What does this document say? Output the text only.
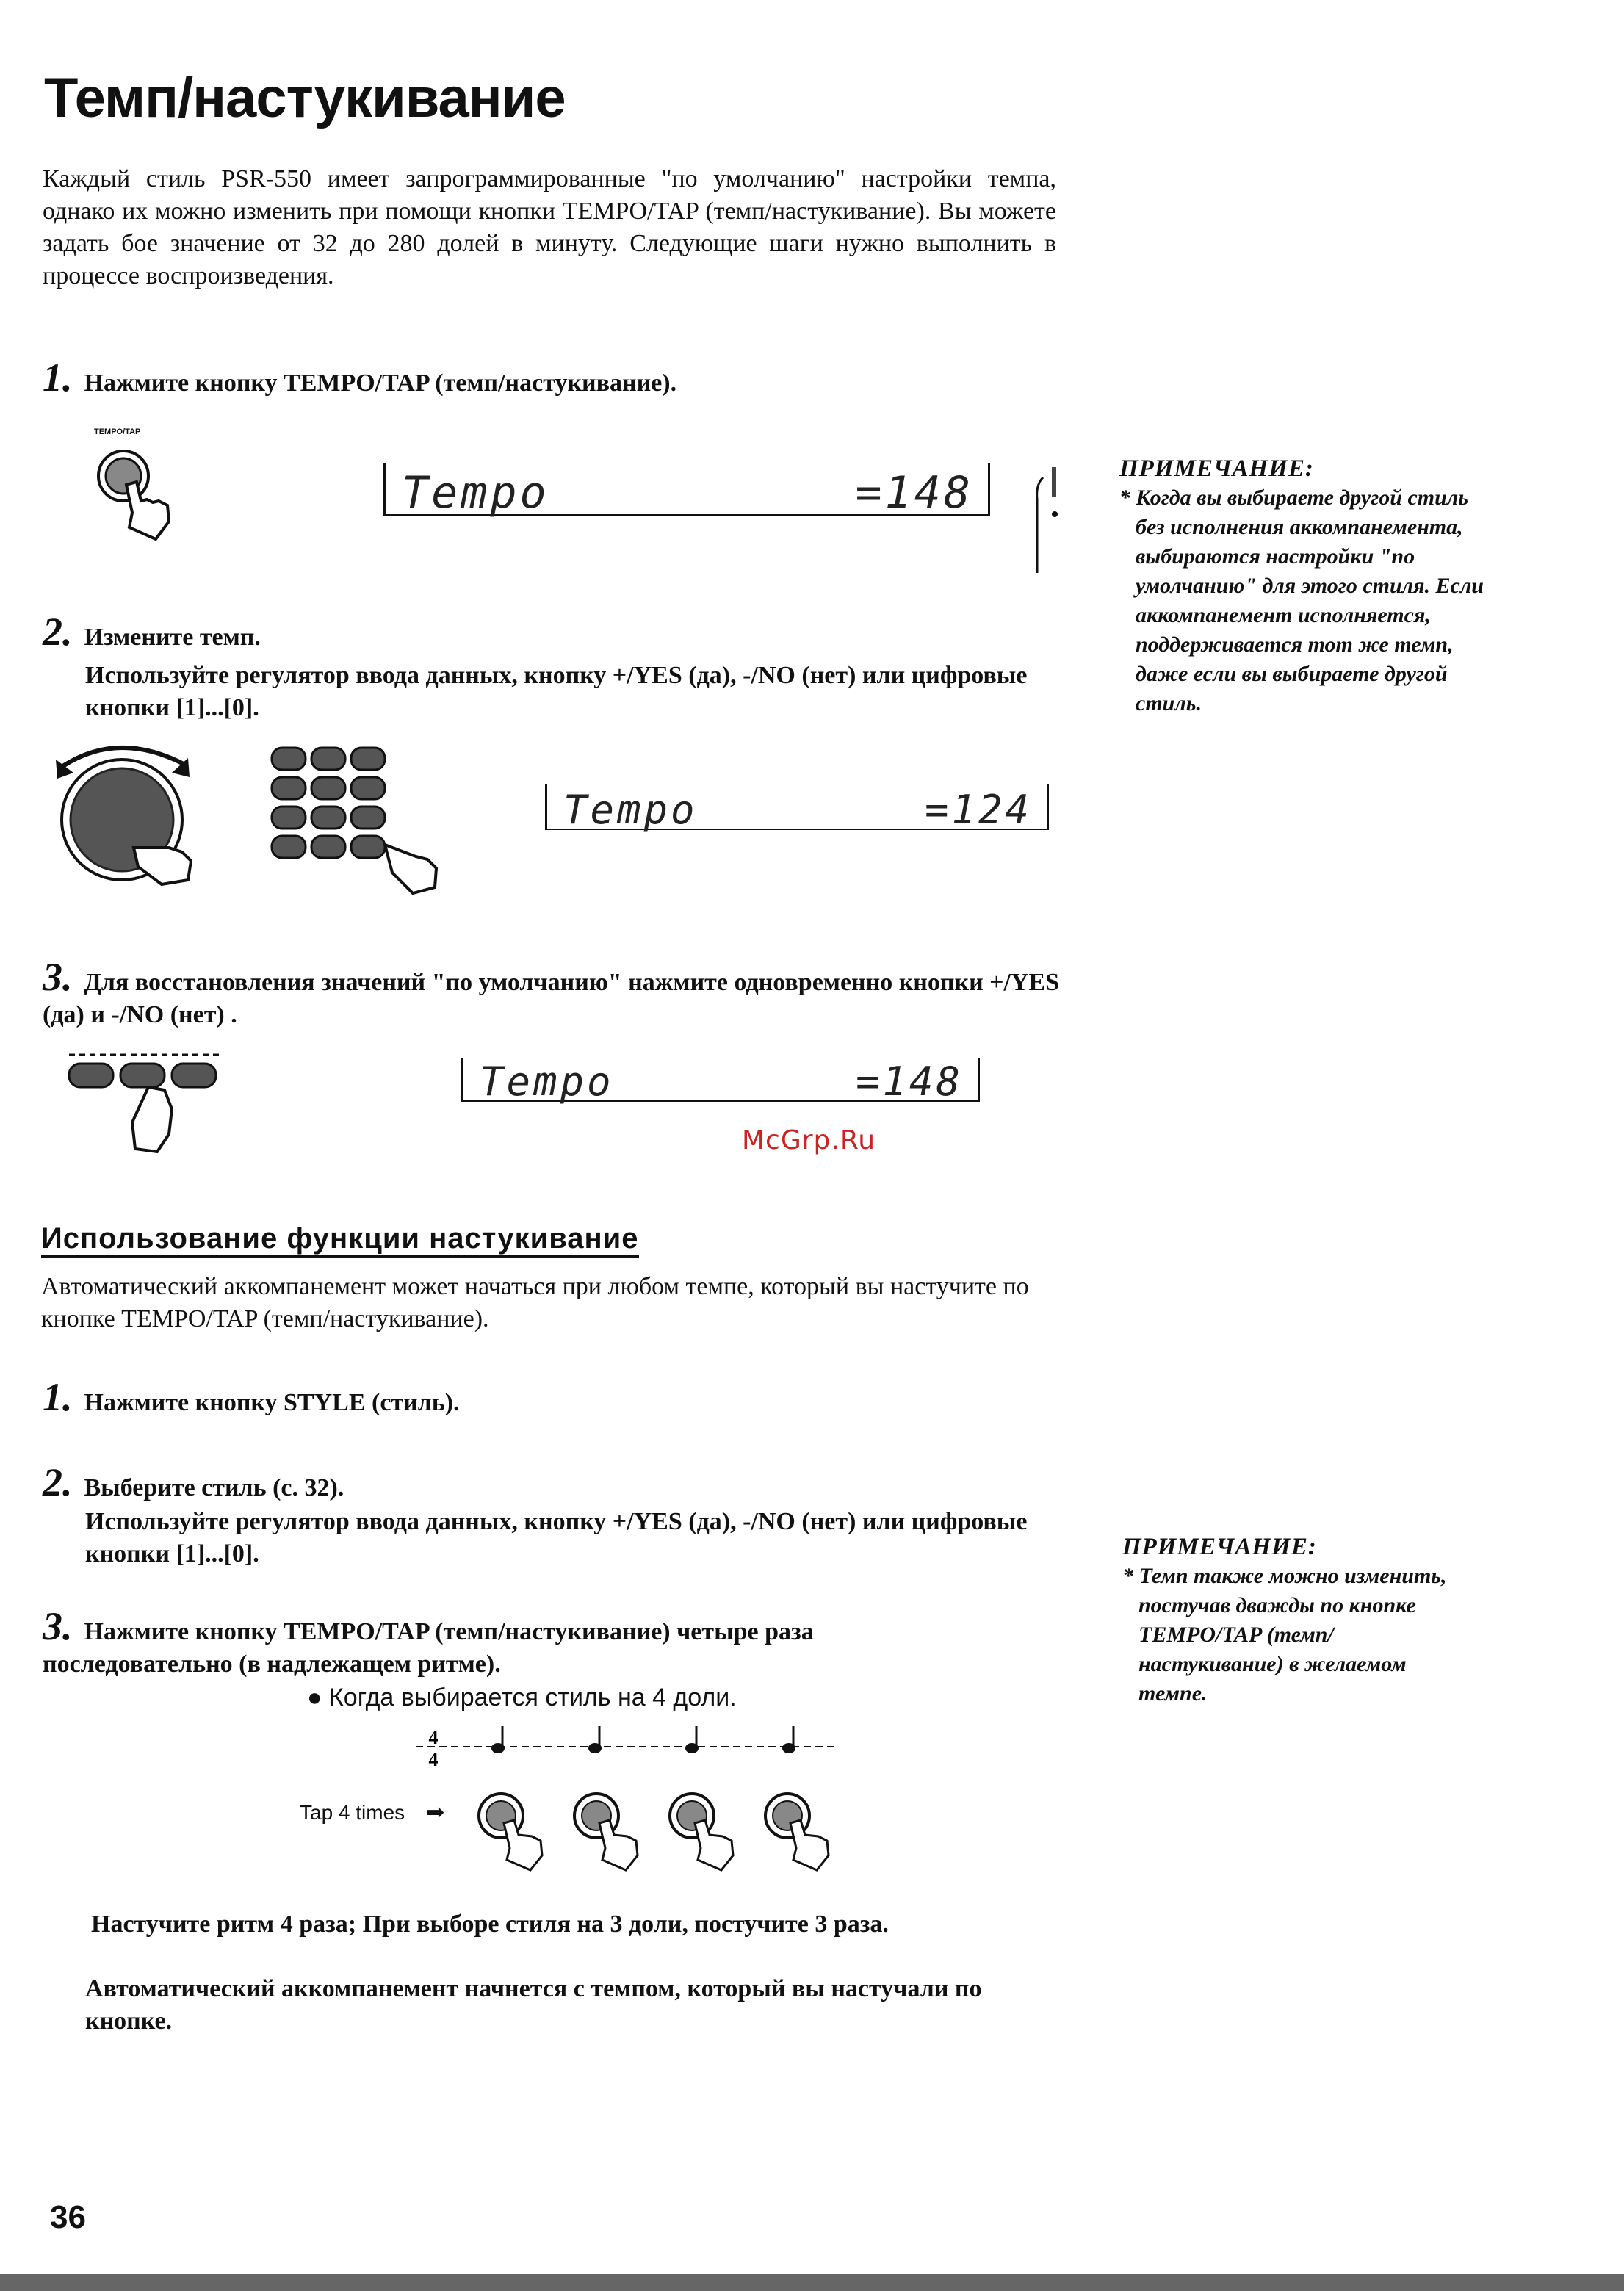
Темп/настукивание
Каждый стиль PSR-550 имеет запрограммированные "по умолчанию" настройки темпа, однако их можно изменить при помощи кнопки TEMPO/TAP (темп/настукивание). Вы можете задать бое значение от 32 до 280 долей в минуту. Следующие шаги нужно выполнить в процессе воспроизведения.
1. Нажмите кнопку TEMPO/TAP (темп/настукивание).
TEMPO/TAP
Tempo	=148	ПРИМЕЧАНИЕ:
* Когда вы выбираете другой стиль без исполнения аккомпанемента, выбираются настройки "по умолчанию" для этого стиля. Если аккомпанемент исполняется, поддерживается тот же темп, даже если вы выбираете другой стиль.
2. Измените темп.
Используйте регулятор ввода данных, кнопку +/YES (да), -/NO (нет) или цифровые кнопки [1]...[0].
Tempo	=124
3. Для восстановления значений "по умолчанию" нажмите одновременно кнопки +/YES (да) и -/NO (нет) .
Tempo	=148
McGrp.Ru
Использование функции настукивание
Автоматический аккомпанемент может начаться при любом темпе, который вы настучите по кнопке TEMPO/TAP (темп/настукивание).
1. Нажмите кнопку STYLE (стиль).
2. Выберите стиль (с. 32).
Используйте регулятор ввода данных, кнопку +/YES (да), -/NO (нет) или цифровые кнопки [1]...[0].	ПРИМЕЧАНИЕ:
* Темп также можно изменить, постучав дважды по кнопке TEMPO/TAP (темп/настукивание) в желаемом темпе.
3. Нажмите кнопку TEMPO/TAP (темп/настукивание) четыре раза последовательно (в надлежащем ритме).
● Когда выбирается стиль на 4 доли.
4
4
Tap 4 times ➡
Настучите ритм 4 раза; При выборе стиля на 3 доли, постучите 3 раза.
Автоматический аккомпанемент начнется с темпом, который вы настучали по кнопке.
36
